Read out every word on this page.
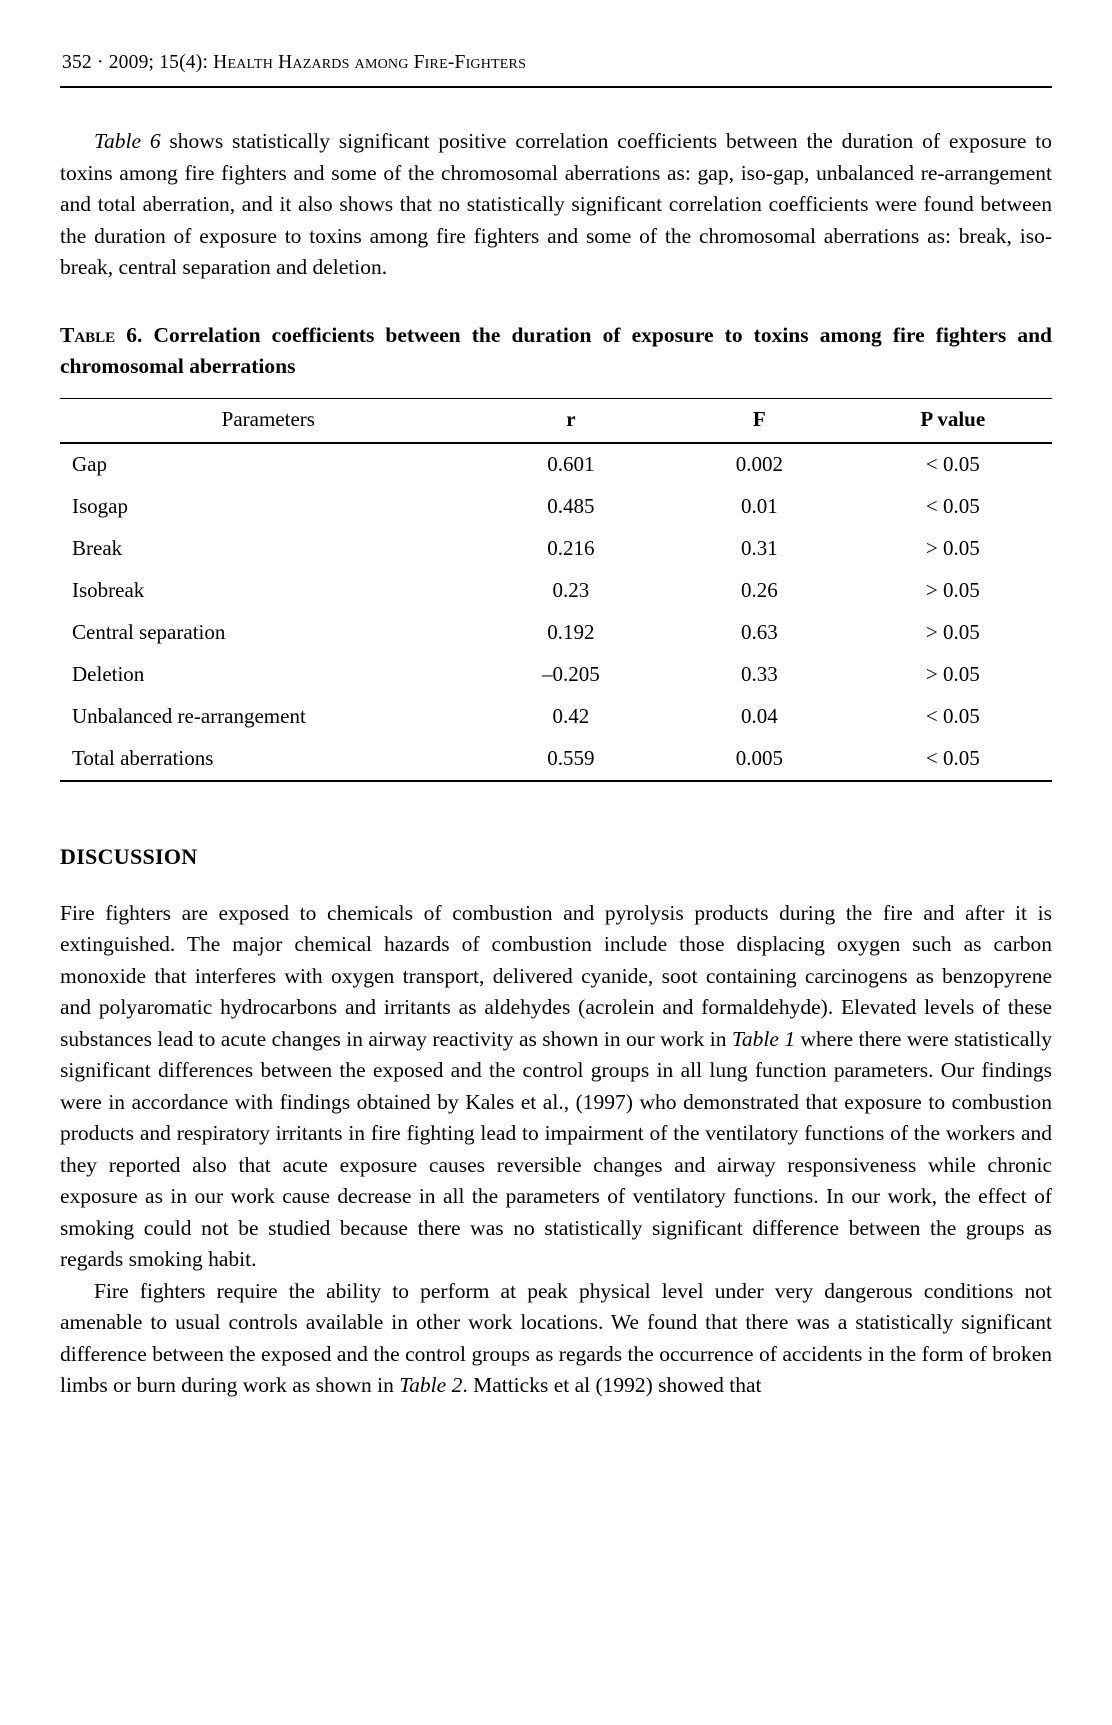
352 · 2009; 15(4): Health Hazards among Fire-Fighters

Table 6 shows statistically significant positive correlation coefficients between the duration of exposure to toxins among fire fighters and some of the chromosomal aberrations as: gap, iso-gap, unbalanced re-arrangement and total aberration, and it also shows that no statistically significant correlation coefficients were found between the duration of exposure to toxins among fire fighters and some of the chromosomal aberrations as: break, iso-break, central separation and deletion.

Table 6. Correlation coefficients between the duration of exposure to toxins among fire fighters and chromosomal aberrations
Parameters	r	F	P value
Gap	0.601	0.002	< 0.05
Isogap	0.485	0.01	< 0.05
Break	0.216	0.31	> 0.05
Isobreak	0.23	0.26	> 0.05
Central separation	0.192	0.63	> 0.05
Deletion	–0.205	0.33	> 0.05
Unbalanced re-arrangement	0.42	0.04	< 0.05
Total aberrations	0.559	0.005	< 0.05
DISCUSSION

Fire fighters are exposed to chemicals of combustion and pyrolysis products during the fire and after it is extinguished. The major chemical hazards of combustion include those displacing oxygen such as carbon monoxide that interferes with oxygen transport, delivered cyanide, soot containing carcinogens as benzopyrene and polyaromatic hydrocarbons and irritants as aldehydes (acrolein and formaldehyde). Elevated levels of these substances lead to acute changes in airway reactivity as shown in our work in Table 1 where there were statistically significant differences between the exposed and the control groups in all lung function parameters. Our findings were in accordance with findings obtained by Kales et al., (1997) who demonstrated that exposure to combustion products and respiratory irritants in fire fighting lead to impairment of the ventilatory functions of the workers and they reported also that acute exposure causes reversible changes and airway responsiveness while chronic exposure as in our work cause decrease in all the parameters of ventilatory functions. In our work, the effect of smoking could not be studied because there was no statistically significant difference between the groups as regards smoking habit.

Fire fighters require the ability to perform at peak physical level under very dangerous conditions not amenable to usual controls available in other work locations. We found that there was a statistically significant difference between the exposed and the control groups as regards the occurrence of accidents in the form of broken limbs or burn during work as shown in Table 2. Matticks et al (1992) showed that
